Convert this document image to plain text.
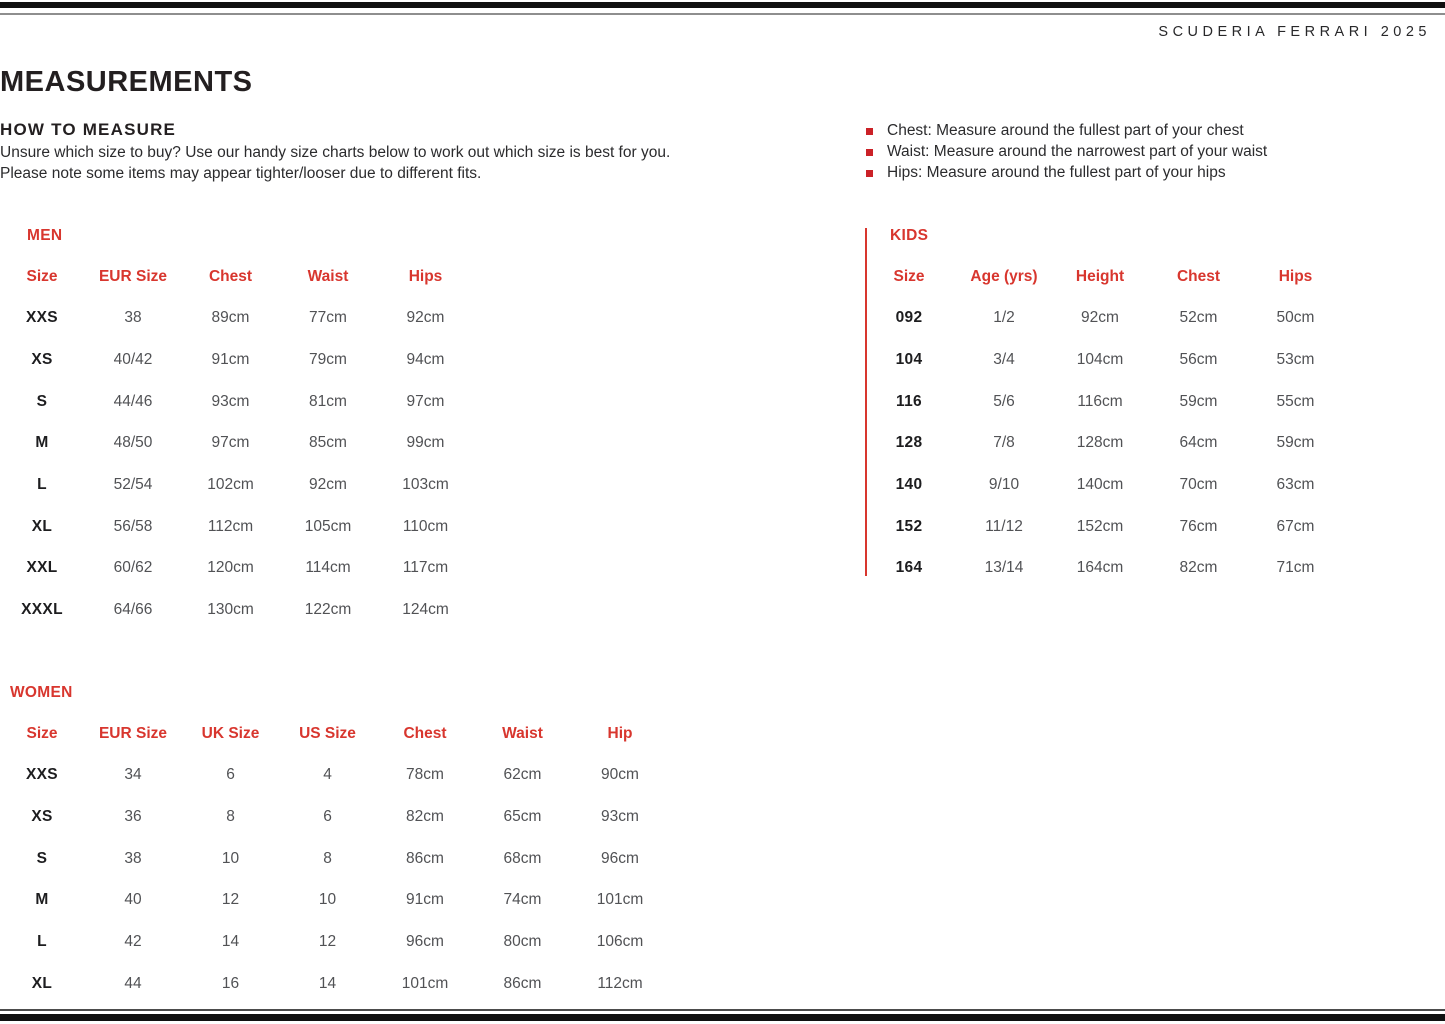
SCUDERIA FERRARI 2025
MEASUREMENTS
HOW TO MEASURE
Unsure which size to buy? Use our handy size charts below to work out which size is best for you.
Please note some items may appear tighter/looser due to different fits.
Chest: Measure around the fullest part of your chest
Waist: Measure around the narrowest part of your waist
Hips: Measure around the fullest part of your hips
MEN
Size	EUR Size	Chest	Waist	Hips
XXS	38	89cm	77cm	92cm
XS	40/42	91cm	79cm	94cm
S	44/46	93cm	81cm	97cm
M	48/50	97cm	85cm	99cm
L	52/54	102cm	92cm	103cm
XL	56/58	112cm	105cm	110cm
XXL	60/62	120cm	114cm	117cm
XXXL	64/66	130cm	122cm	124cm
KIDS
Size	Age (yrs)	Height	Chest	Hips
092	1/2	92cm	52cm	50cm
104	3/4	104cm	56cm	53cm
116	5/6	116cm	59cm	55cm
128	7/8	128cm	64cm	59cm
140	9/10	140cm	70cm	63cm
152	11/12	152cm	76cm	67cm
164	13/14	164cm	82cm	71cm
WOMEN
Size	EUR Size	UK Size	US Size	Chest	Waist	Hip
XXS	34	6	4	78cm	62cm	90cm
XS	36	8	6	82cm	65cm	93cm
S	38	10	8	86cm	68cm	96cm
M	40	12	10	91cm	74cm	101cm
L	42	14	12	96cm	80cm	106cm
XL	44	16	14	101cm	86cm	112cm
